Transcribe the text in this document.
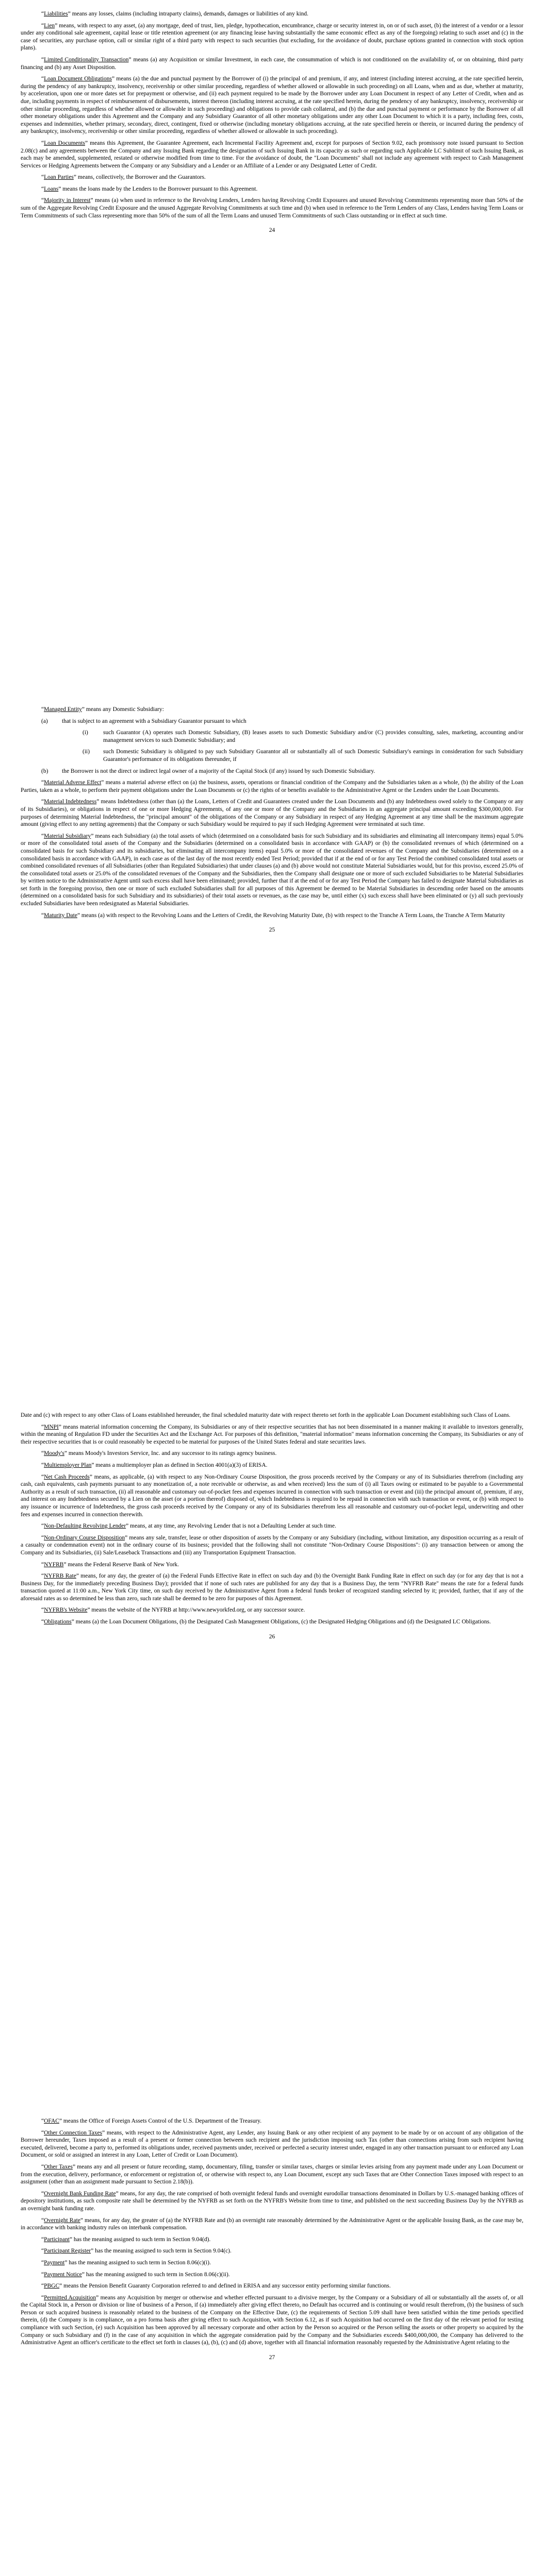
“Liabilities” means any losses, claims (including intraparty claims), demands, damages or liabilities of any kind.

“Lien” means, with respect to any asset, (a) any mortgage, deed of trust, lien, pledge, hypothecation, encumbrance, charge or security interest in, on or of such asset, (b) the interest of a vendor or a lessor under any conditional sale agreement, capital lease or title retention agreement (or any financing lease having substantially the same economic effect as any of the foregoing) relating to such asset and (c) in the case of securities, any purchase option, call or similar right of a third party with respect to such securities (but excluding, for the avoidance of doubt, purchase options granted in connection with stock option plans).

“Limited Conditionality Transaction” means (a) any Acquisition or similar Investment, in each case, the consummation of which is not conditioned on the availability of, or on obtaining, third party financing and (b) any Asset Disposition.

“Loan Document Obligations” means (a) the due and punctual payment by the Borrower of (i) the principal of and premium, if any, and interest (including interest accruing, at the rate specified herein, during the pendency of any bankruptcy, insolvency, receivership or other similar proceeding, regardless of whether allowed or allowable in such proceeding) on all Loans, when and as due, whether at maturity, by acceleration, upon one or more dates set for prepayment or otherwise, and (ii) each payment required to be made by the Borrower under any Loan Document in respect of any Letter of Credit, when and as due, including payments in respect of reimbursement of disbursements, interest thereon (including interest accruing, at the rate specified herein, during the pendency of any bankruptcy, insolvency, receivership or other similar proceeding, regardless of whether allowed or allowable in such proceeding) and obligations to provide cash collateral, and (b) the due and punctual payment or performance by the Borrower of all other monetary obligations under this Agreement and the Company and any Subsidiary Guarantor of all other monetary obligations under any other Loan Document to which it is a party, including fees, costs, expenses and indemnities, whether primary, secondary, direct, contingent, fixed or otherwise (including monetary obligations accruing, at the rate specified herein or therein, or incurred during the pendency of any bankruptcy, insolvency, receivership or other similar proceeding, regardless of whether allowed or allowable in such proceeding).

“Loan Documents” means this Agreement, the Guarantee Agreement, each Incremental Facility Agreement and, except for purposes of Section 9.02, each promissory note issued pursuant to Section 2.08(c) and any agreements between the Company and any Issuing Bank regarding the designation of such Issuing Bank in its capacity as such or regarding such Applicable LC Sublimit of such Issuing Bank, as each may be amended, supplemented, restated or otherwise modified from time to time. For the avoidance of doubt, the "Loan Documents" shall not include any agreement with respect to Cash Management Services or Hedging Agreements between the Company or any Subsidiary and a Lender or an Affiliate of a Lender or any Designated Letter of Credit.

“Loan Parties” means, collectively, the Borrower and the Guarantors.

“Loans” means the loans made by the Lenders to the Borrower pursuant to this Agreement.

“Majority in Interest” means (a) when used in reference to the Revolving Lenders, Lenders having Revolving Credit Exposures and unused Revolving Commitments representing more than 50% of the sum of the Aggregate Revolving Credit Exposure and the unused Aggregate Revolving Commitments at such time and (b) when used in reference to the Term Lenders of any Class, Lenders having Term Loans or Term Commitments of such Class representing more than 50% of the sum of all the Term Loans and unused Term Commitments of such Class outstanding or in effect at such time.

24

“Managed Entity” means any Domestic Subsidiary:

(a)	that is subject to an agreement with a Subsidiary Guarantor pursuant to which
(i)	such Guarantor (A) operates such Domestic Subsidiary, (B) leases assets to such Domestic Subsidiary and/or (C) provides consulting, sales, marketing, accounting and/or management services to such Domestic Subsidiary; and
(ii)	such Domestic Subsidiary is obligated to pay such Subsidiary Guarantor all or substantially all of such Domestic Subsidiary's earnings in consideration for such Subsidiary Guarantor's performance of its obligations thereunder, if
(b)	the Borrower is not the direct or indirect legal owner of a majority of the Capital Stock (if any) issued by such Domestic Subsidiary.

“Material Adverse Effect” means a material adverse effect on (a) the business, assets, operations or financial condition of the Company and the Subsidiaries taken as a whole, (b) the ability of the Loan Parties, taken as a whole, to perform their payment obligations under the Loan Documents or (c) the rights of or benefits available to the Administrative Agent or the Lenders under the Loan Documents.

“Material Indebtedness” means Indebtedness (other than (a) the Loans, Letters of Credit and Guarantees created under the Loan Documents and (b) any Indebtedness owed solely to the Company or any of its Subsidiaries), or obligations in respect of one or more Hedging Agreements, of any one or more of the Company and the Subsidiaries in an aggregate principal amount exceeding $300,000,000. For purposes of determining Material Indebtedness, the "principal amount" of the obligations of the Company or any Subsidiary in respect of any Hedging Agreement at any time shall be the maximum aggregate amount (giving effect to any netting agreements) that the Company or such Subsidiary would be required to pay if such Hedging Agreement were terminated at such time.

“Material Subsidiary” means each Subsidiary (a) the total assets of which (determined on a consolidated basis for such Subsidiary and its subsidiaries and eliminating all intercompany items) equal 5.0% or more of the consolidated total assets of the Company and the Subsidiaries (determined on a consolidated basis in accordance with GAAP) or (b) the consolidated revenues of which (determined on a consolidated basis for such Subsidiary and its subsidiaries, but eliminating all intercompany items) equal 5.0% or more of the consolidated revenues of the Company and the Subsidiaries (determined on a consolidated basis in accordance with GAAP), in each case as of the last day of the most recently ended Test Period; provided that if at the end of or for any Test Period the combined consolidated total assets or combined consolidated revenues of all Subsidiaries (other than Regulated Subsidiaries) that under clauses (a) and (b) above would not constitute Material Subsidiaries would, but for this proviso, exceed 25.0% of the consolidated total assets or 25.0% of the consolidated revenues of the Company and the Subsidiaries, then the Company shall designate one or more of such excluded Subsidiaries to be Material Subsidiaries by written notice to the Administrative Agent until such excess shall have been eliminated; provided, further that if at the end of or for any Test Period the Company has failed to designate Material Subsidiaries as set forth in the foregoing proviso, then one or more of such excluded Subsidiaries shall for all purposes of this Agreement be deemed to be Material Subsidiaries in descending order based on the amounts (determined on a consolidated basis for such Subsidiary and its subsidiaries) of their total assets or revenues, as the case may be, until either (x) such excess shall have been eliminated or (y) all such previously excluded Subsidiaries have been redesignated as Material Subsidiaries.

“Maturity Date” means (a) with respect to the Revolving Loans and the Letters of Credit, the Revolving Maturity Date, (b) with respect to the Tranche A Term Loans, the Tranche A Term Maturity

25

Date and (c) with respect to any other Class of Loans established hereunder, the final scheduled maturity date with respect thereto set forth in the applicable Loan Document establishing such Class of Loans.

“MNPI” means material information concerning the Company, its Subsidiaries or any of their respective securities that has not been disseminated in a manner making it available to investors generally, within the meaning of Regulation FD under the Securities Act and the Exchange Act. For purposes of this definition, "material information" means information concerning the Company, its Subsidiaries or any of their respective securities that is or could reasonably be expected to be material for purposes of the United States federal and state securities laws.

“Moody's” means Moody's Investors Service, Inc. and any successor to its ratings agency business.

“Multiemployer Plan” means a multiemployer plan as defined in Section 4001(a)(3) of ERISA.

“Net Cash Proceeds” means, as applicable, (a) with respect to any Non-Ordinary Course Disposition, the gross proceeds received by the Company or any of its Subsidiaries therefrom (including any cash, cash equivalents, cash payments pursuant to any monetization of, a note receivable or otherwise, as and when received) less the sum of (i) all Taxes owing or estimated to be payable to a Governmental Authority as a result of such transaction, (ii) all reasonable and customary out-of-pocket fees and expenses incurred in connection with such transaction or event and (iii) the principal amount of, premium, if any, and interest on any Indebtedness secured by a Lien on the asset (or a portion thereof) disposed of, which Indebtedness is required to be repaid in connection with such transaction or event, or (b) with respect to any issuance or incurrence of Indebtedness, the gross cash proceeds received by the Company or any of its Subsidiaries therefrom less all reasonable and customary out-of-pocket legal, underwriting and other fees and expenses incurred in connection therewith.

“Non-Defaulting Revolving Lender” means, at any time, any Revolving Lender that is not a Defaulting Lender at such time.

“Non-Ordinary Course Disposition” means any sale, transfer, lease or other disposition of assets by the Company or any Subsidiary (including, without limitation, any disposition occurring as a result of a casualty or condemnation event) not in the ordinary course of its business; provided that the following shall not constitute "Non-Ordinary Course Dispositions": (i) any transaction between or among the Company and its Subsidiaries, (ii) Sale/Leaseback Transactions and (iii) any Transportation Equipment Transaction.

“NYFRB” means the Federal Reserve Bank of New York.

“NYFRB Rate” means, for any day, the greater of (a) the Federal Funds Effective Rate in effect on such day and (b) the Overnight Bank Funding Rate in effect on such day (or for any day that is not a Business Day, for the immediately preceding Business Day); provided that if none of such rates are published for any day that is a Business Day, the term "NYFRB Rate" means the rate for a federal funds transaction quoted at 11:00 a.m., New York City time, on such day received by the Administrative Agent from a federal funds broker of recognized standing selected by it; provided, further, that if any of the aforesaid rates as so determined be less than zero, such rate shall be deemed to be zero for purposes of this Agreement.

“NYFRB's Website” means the website of the NYFRB at http://www.newyorkfed.org, or any successor source.

“Obligations” means (a) the Loan Document Obligations, (b) the Designated Cash Management Obligations, (c) the Designated Hedging Obligations and (d) the Designated LC Obligations.

26

“OFAC” means the Office of Foreign Assets Control of the U.S. Department of the Treasury.

“Other Connection Taxes” means, with respect to the Administrative Agent, any Lender, any Issuing Bank or any other recipient of any payment to be made by or on account of any obligation of the Borrower hereunder, Taxes imposed as a result of a present or former connection between such recipient and the jurisdiction imposing such Tax (other than connections arising from such recipient having executed, delivered, become a party to, performed its obligations under, received payments under, received or perfected a security interest under, engaged in any other transaction pursuant to or enforced any Loan Document, or sold or assigned an interest in any Loan, Letter of Credit or Loan Document).

“Other Taxes” means any and all present or future recording, stamp, documentary, filing, transfer or similar taxes, charges or similar levies arising from any payment made under any Loan Document or from the execution, delivery, performance, or enforcement or registration of, or otherwise with respect to, any Loan Document, except any such Taxes that are Other Connection Taxes imposed with respect to an assignment (other than an assignment made pursuant to Section 2.18(b)).

“Overnight Bank Funding Rate” means, for any day, the rate comprised of both overnight federal funds and overnight eurodollar transactions denominated in Dollars by U.S.-managed banking offices of depository institutions, as such composite rate shall be determined by the NYFRB as set forth on the NYFRB's Website from time to time, and published on the next succeeding Business Day by the NYFRB as an overnight bank funding rate.

“Overnight Rate” means, for any day, the greater of (a) the NYFRB Rate and (b) an overnight rate reasonably determined by the Administrative Agent or the applicable Issuing Bank, as the case may be, in accordance with banking industry rules on interbank compensation.

“Participant” has the meaning assigned to such term in Section 9.04(d).

“Participant Register” has the meaning assigned to such term in Section 9.04(c).

“Payment” has the meaning assigned to such term in Section 8.06(c)(i).

“Payment Notice” has the meaning assigned to such term in Section 8.06(c)(ii).

“PBGC” means the Pension Benefit Guaranty Corporation referred to and defined in ERISA and any successor entity performing similar functions.

“Permitted Acquisition” means any Acquisition by merger or otherwise and whether effected pursuant to a divisive merger, by the Company or a Subsidiary of all or substantially all the assets of, or all the Capital Stock in, a Person or division or line of business of a Person, if (a) immediately after giving effect thereto, no Default has occurred and is continuing or would result therefrom, (b) the business of such Person or such acquired business is reasonably related to the business of the Company on the Effective Date, (c) the requirements of Section 5.09 shall have been satisfied within the time periods specified therein, (d) the Company is in compliance, on a pro forma basis after giving effect to such Acquisition, with Section 6.12, as if such Acquisition had occurred on the first day of the relevant period for testing compliance with such Section, (e) such Acquisition has been approved by all necessary corporate and other action by the Person so acquired or the Person selling the assets or other property so acquired by the Company or such Subsidiary and (f) in the case of any acquisition in which the aggregate consideration paid by the Company and the Subsidiaries exceeds $400,000,000, the Company has delivered to the Administrative Agent an officer's certificate to the effect set forth in clauses (a), (b), (c) and (d) above, together with all financial information reasonably requested by the Administrative Agent relating to the

27
